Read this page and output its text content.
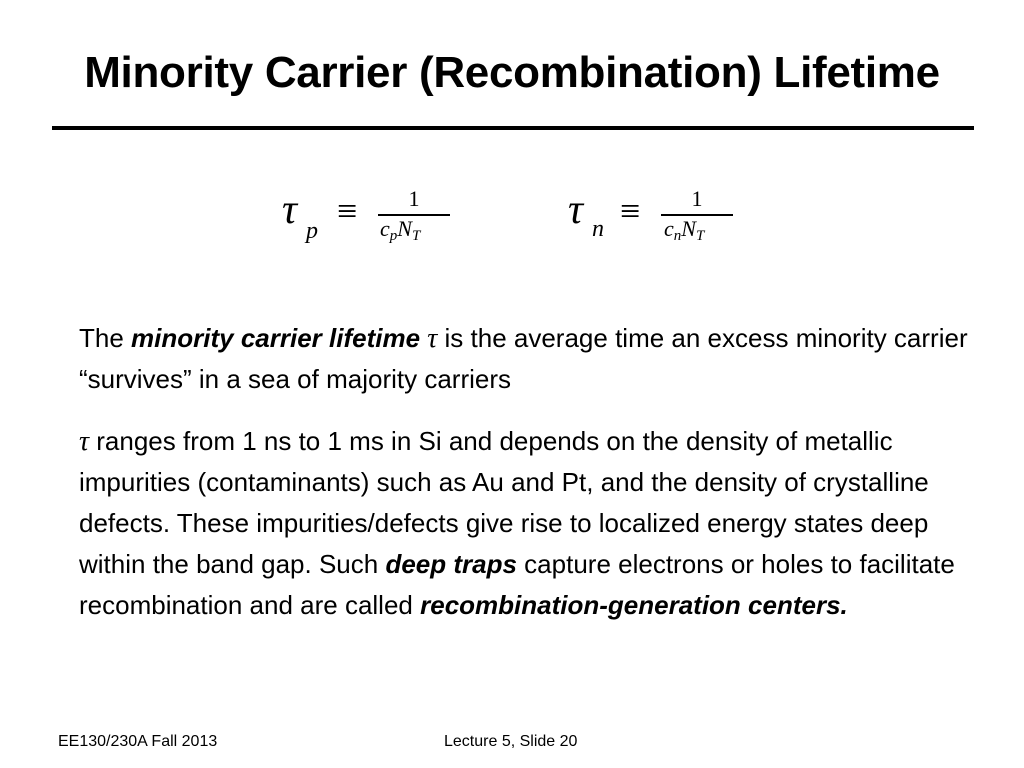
Minority Carrier (Recombination) Lifetime
τ p ≡	1
cpNT
τ n ≡	1
cnNT
The minority carrier lifetime τ is the average time an excess minority carrier “survives” in a sea of majority carriers
τ ranges from 1 ns to 1 ms in Si and depends on the density of metallic impurities (contaminants) such as Au and Pt, and the density of crystalline defects. These impurities/defects give rise to localized energy states deep within the band gap. Such deep traps capture electrons or holes to facilitate recombination and are called recombination-generation centers.
EE130/230A Fall 2013	Lecture 5, Slide 20
